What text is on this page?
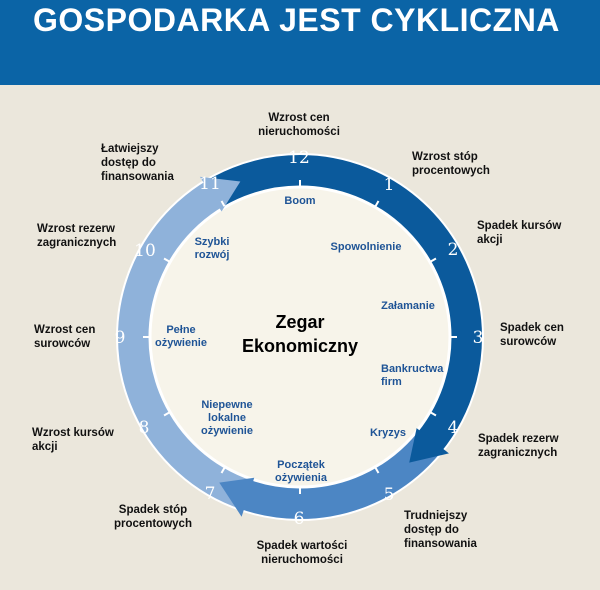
GOSPODARKA JEST CYKLICZNA
12
1
2
3
4
5
6
7
8
9
10
11
Wzrost cen nieruchomości
Wzrost stóp procentowych
Spadek kursów akcji
Spadek cen surowców
Spadek rezerw zagranicznych
Trudniejszy dostęp do finansowania
Spadek wartości nieruchomości
Spadek stóp procentowych
Wzrost kursów akcji
Wzrost cen surowców
Wzrost rezerw zagranicznych
Łatwiejszy dostęp do finansowania
Boom
Spowolnienie
Załamanie
Bankructwa firm
Kryzys
Początek ożywienia
Niepewne lokalne ożywienie
Pełne ożywienie
Szybki rozwój
Zegar Ekonomiczny
